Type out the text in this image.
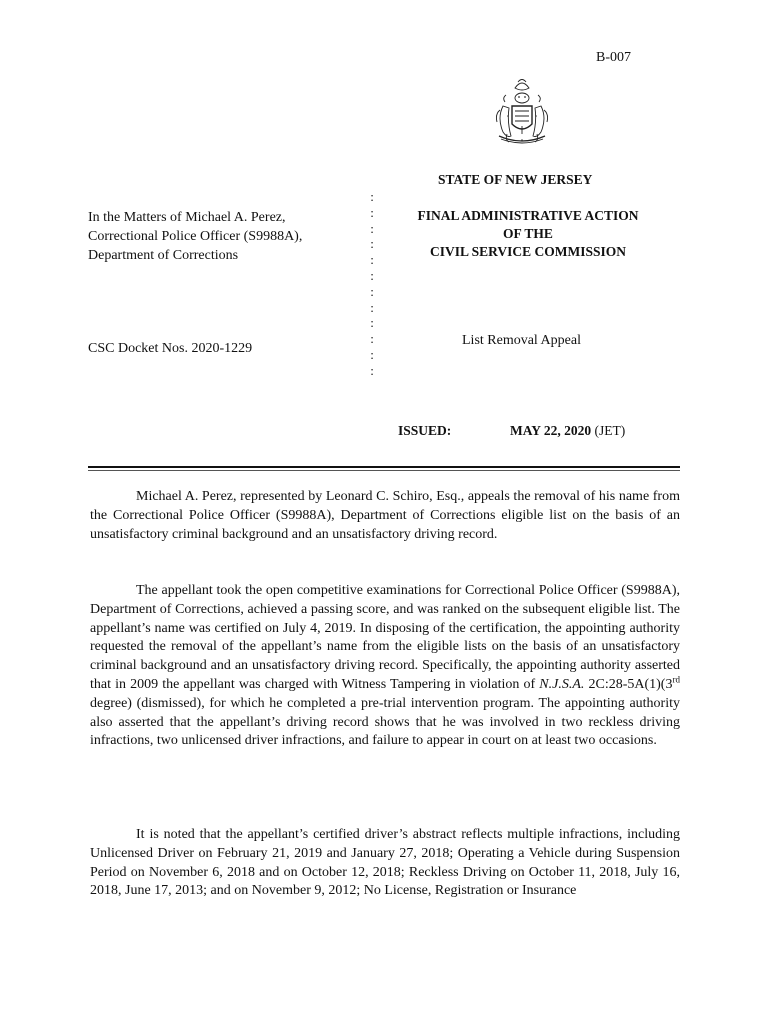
B-007
STATE OF NEW JERSEY
In the Matters of Michael A. Perez,
Correctional Police Officer (S9988A),
Department of Corrections
:
:
:
:
:
:
:
:
:
:
:
:
FINAL ADMINISTRATIVE ACTION
OF THE
CIVIL SERVICE COMMISSION
CSC Docket Nos. 2020-1229
List Removal Appeal
ISSUED:	MAY 22, 2020 (JET)

Michael A. Perez, represented by Leonard C. Schiro, Esq., appeals the removal of his name from the Correctional Police Officer (S9988A), Department of Corrections eligible list on the basis of an unsatisfactory criminal background and an unsatisfactory driving record.

The appellant took the open competitive examinations for Correctional Police Officer (S9988A), Department of Corrections, achieved a passing score, and was ranked on the subsequent eligible list. The appellant’s name was certified on July 4, 2019. In disposing of the certification, the appointing authority requested the removal of the appellant’s name from the eligible lists on the basis of an unsatisfactory criminal background and an unsatisfactory driving record. Specifically, the appointing authority asserted that in 2009 the appellant was charged with Witness Tampering in violation of N.J.S.A. 2C:28-5A(1)(3rd degree) (dismissed), for which he completed a pre-trial intervention program. The appointing authority also asserted that the appellant’s driving record shows that he was involved in two reckless driving infractions, two unlicensed driver infractions, and failure to appear in court on at least two occasions.

It is noted that the appellant’s certified driver’s abstract reflects multiple infractions, including Unlicensed Driver on February 21, 2019 and January 27, 2018; Operating a Vehicle during Suspension Period on November 6, 2018 and on October 12, 2018; Reckless Driving on October 11, 2018, July 16, 2018, June 17, 2013; and on November 9, 2012; No License, Registration or Insurance
